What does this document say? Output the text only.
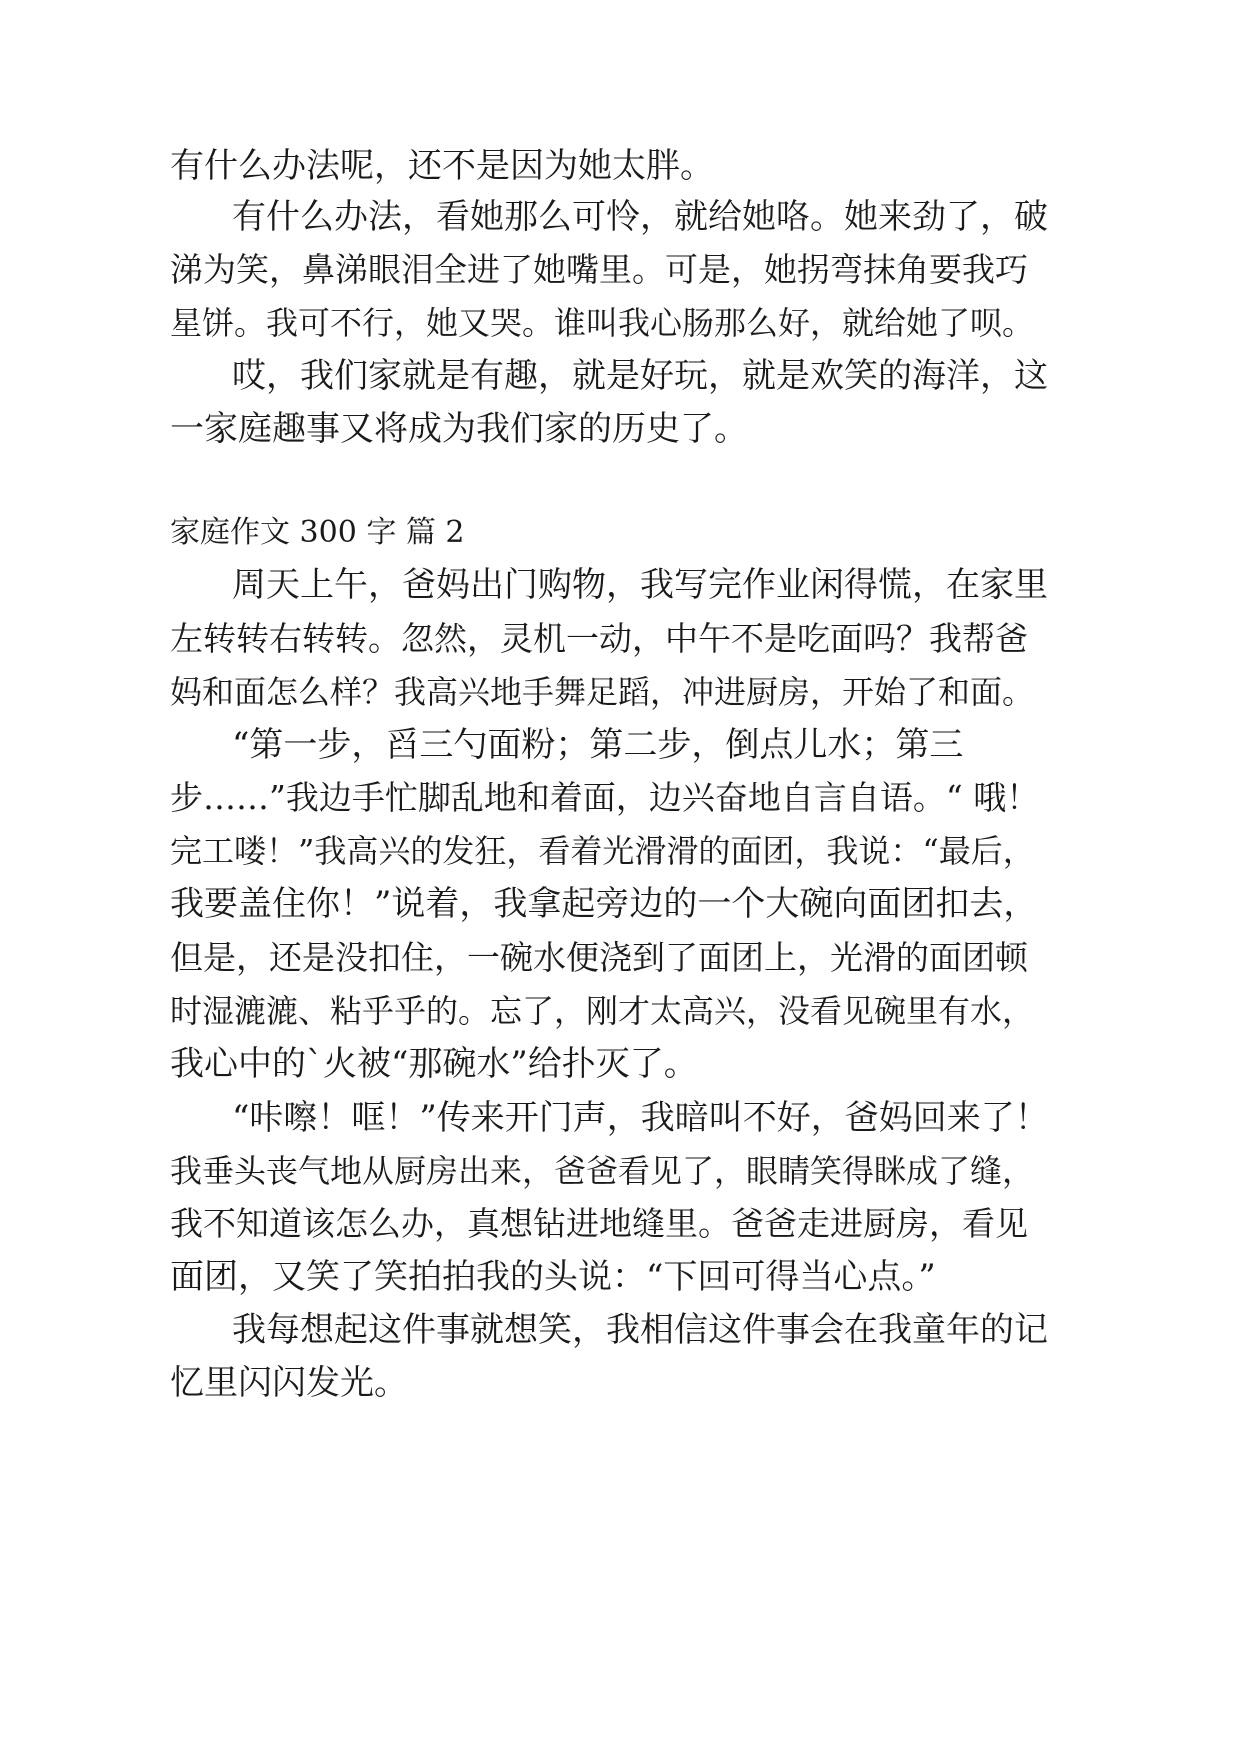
有什么办法呢，还不是因为她太胖。
有什么办法，看她那么可怜，就给她咯。她来劲了，破
涕为笑，鼻涕眼泪全进了她嘴里。可是，她拐弯抹角要我巧
星饼。我可不行，她又哭。谁叫我心肠那么好，就给她了呗。
哎，我们家就是有趣，就是好玩，就是欢笑的海洋，这
一家庭趣事又将成为我们家的历史了。
家庭作文 300 字 篇 2
周天上午，爸妈出门购物，我写完作业闲得慌，在家里
左转转右转转。忽然，灵机一动，中午不是吃面吗？我帮爸
妈和面怎么样？我高兴地手舞足蹈，冲进厨房，开始了和面。
“第一步，舀三勺面粉；第二步，倒点儿水；第三
步……”我边手忙脚乱地和着面，边兴奋地自言自语。“ 哦！
完工喽！”我高兴的发狂，看着光滑滑的面团，我说：“最后，
我要盖住你！”说着，我拿起旁边的一个大碗向面团扣去，
但是，还是没扣住，一碗水便浇到了面团上，光滑的面团顿
时湿漉漉、粘乎乎的。忘了，刚才太高兴，没看见碗里有水，
我心中的`火被“那碗水”给扑灭了。
“咔嚓！哐！”传来开门声，我暗叫不好，爸妈回来了！
我垂头丧气地从厨房出来，爸爸看见了，眼睛笑得眯成了缝，
我不知道该怎么办，真想钻进地缝里。爸爸走进厨房，看见
面团，又笑了笑拍拍我的头说：“下回可得当心点。”
我每想起这件事就想笑，我相信这件事会在我童年的记
忆里闪闪发光。
